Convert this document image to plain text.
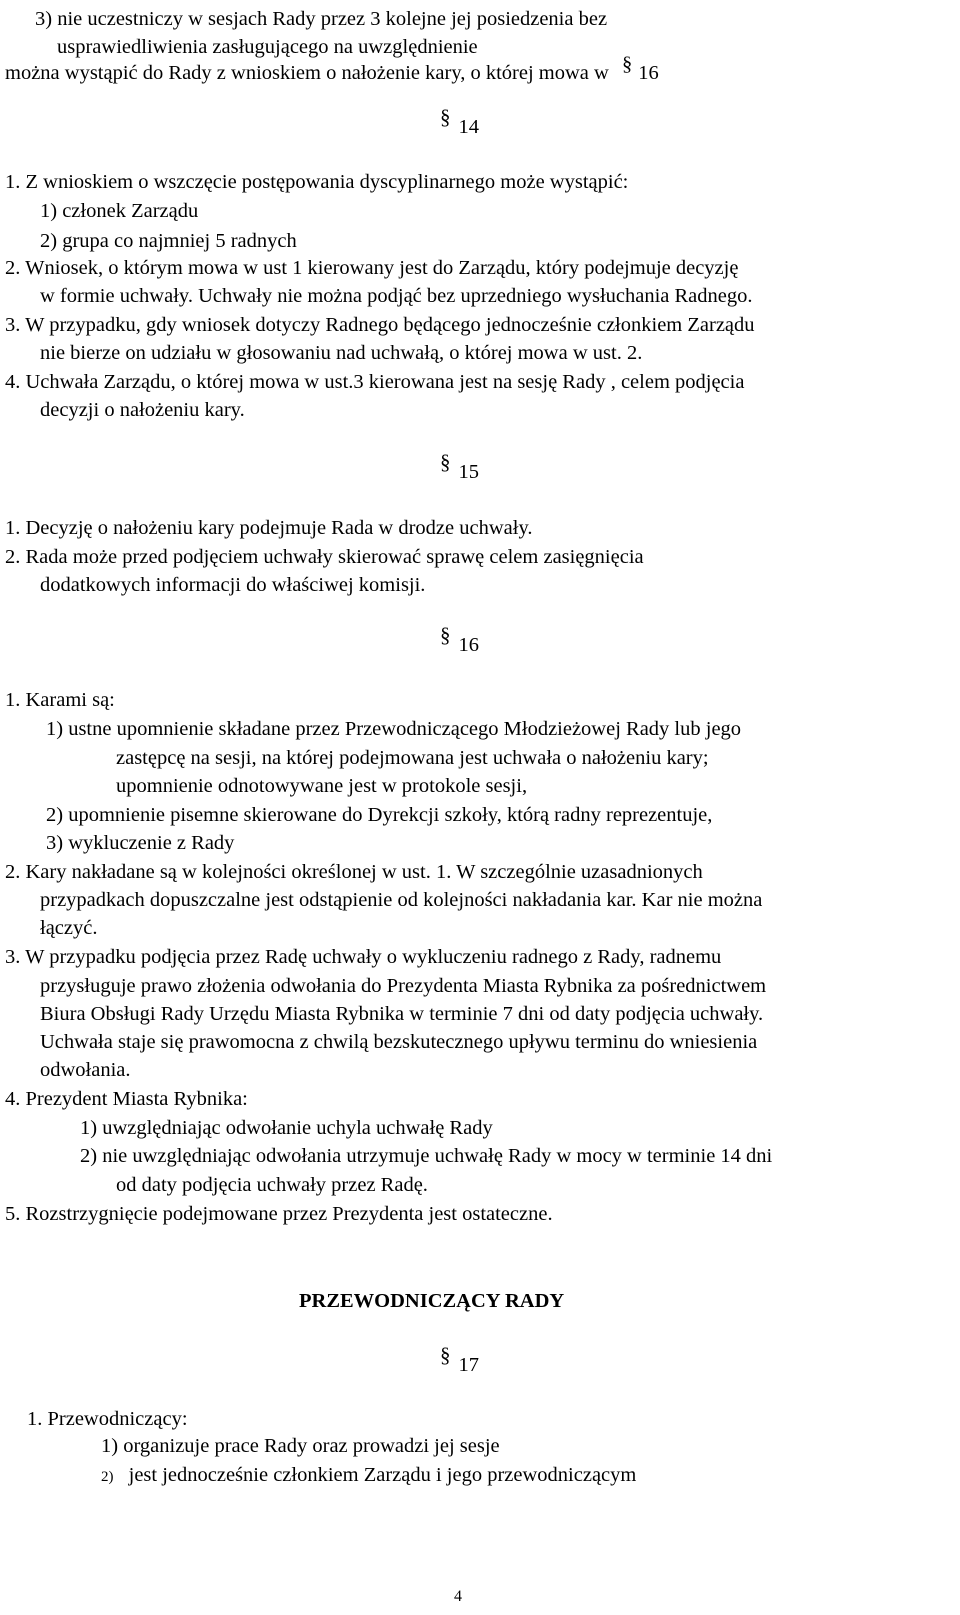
3) nie uczestniczy w sesjach Rady przez 3 kolejne jej posiedzenia bez
usprawiedliwienia zasługującego na uwzględnienie
można wystąpić do Rady z wnioskiem o nałożenie kary, o której mowa w § 16
§ 14
1. Z wnioskiem o wszczęcie postępowania dyscyplinarnego może wystąpić:
1) członek Zarządu
2) grupa co najmniej 5 radnych
2. Wniosek, o którym mowa w ust 1 kierowany jest do Zarządu, który podejmuje decyzję
w formie uchwały. Uchwały nie można podjąć bez uprzedniego wysłuchania Radnego.
3. W przypadku, gdy wniosek dotyczy Radnego będącego jednocześnie członkiem Zarządu
nie bierze on udziału w głosowaniu nad uchwałą, o której mowa w ust. 2.
4. Uchwała Zarządu, o której mowa w ust.3 kierowana jest na sesję Rady , celem podjęcia
decyzji o nałożeniu kary.
§ 15
1. Decyzję o nałożeniu kary podejmuje Rada w drodze uchwały.
2. Rada może przed podjęciem uchwały skierować sprawę celem zasięgnięcia
dodatkowych informacji do właściwej komisji.
§ 16
1. Karami są:
1) ustne upomnienie składane przez Przewodniczącego Młodzieżowej Rady lub jego
zastępcę na sesji, na której podejmowana jest uchwała o nałożeniu kary;
upomnienie odnotowywane jest w protokole sesji,
2) upomnienie pisemne skierowane do Dyrekcji szkoły, którą radny reprezentuje,
3) wykluczenie z Rady
2. Kary nakładane są w kolejności określonej w ust. 1. W szczególnie uzasadnionych
przypadkach dopuszczalne jest odstąpienie od kolejności nakładania kar. Kar nie można
łączyć.
3. W przypadku podjęcia przez Radę uchwały o wykluczeniu radnego z Rady, radnemu
przysługuje prawo złożenia odwołania do Prezydenta Miasta Rybnika za pośrednictwem
Biura Obsługi Rady Urzędu Miasta Rybnika w terminie 7 dni od daty podjęcia uchwały.
Uchwała staje się prawomocna z chwilą bezskutecznego upływu terminu do wniesienia
odwołania.
4. Prezydent Miasta Rybnika:
1) uwzględniając odwołanie uchyla uchwałę Rady
2) nie uwzględniając odwołania utrzymuje uchwałę Rady w mocy w terminie 14 dni
od daty podjęcia uchwały przez Radę.
5. Rozstrzygnięcie podejmowane przez Prezydenta jest ostateczne.
PRZEWODNICZĄCY RADY
§ 17
1. Przewodniczący:
1) organizuje prace Rady oraz prowadzi jej sesje
2) jest jednocześnie członkiem Zarządu i jego przewodniczącym
4
